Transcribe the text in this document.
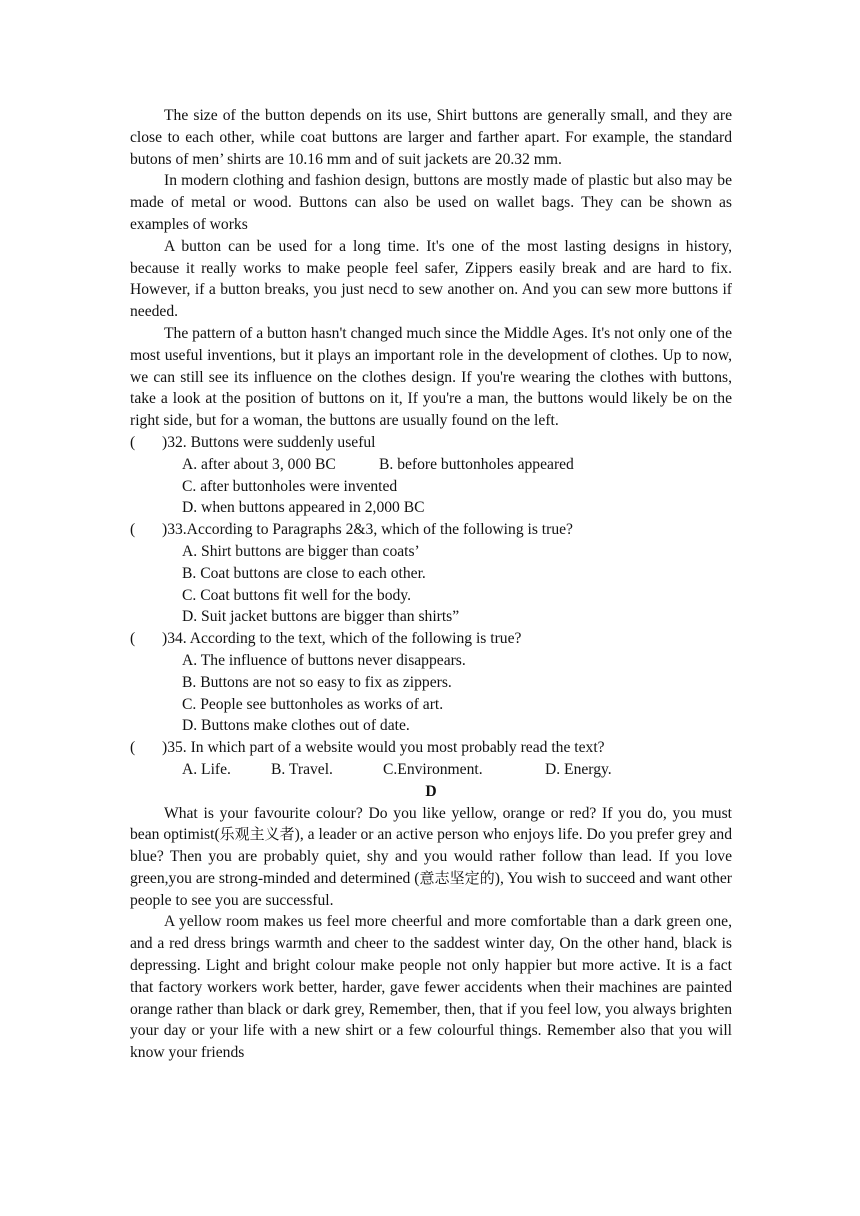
The size of the button depends on its use, Shirt buttons are generally small, and they are close to each other, while coat buttons are larger and farther apart. For example, the standard butons of men’ shirts are 10.16 mm and of suit jackets are 20.32 mm.

In modern clothing and fashion design, buttons are mostly made of plastic but also may be made of metal or wood. Buttons can also be used on wallet bags. They can be shown as examples of works

A button can be used for a long time. It's one of the most lasting designs in history, because it really works to make people feel safer, Zippers easily break and are hard to fix. However, if a button breaks, you just necd to sew another on. And you can sew more buttons if needed.

The pattern of a button hasn't changed much since the Middle Ages. It's not only one of the most useful inventions, but it plays an important role in the development of clothes. Up to now, we can still see its influence on the clothes design. If you're wearing the clothes with buttons, take a look at the position of buttons on it, If you're a man, the buttons would likely be on the right side, but for a woman, the buttons are usually found on the left.

( )32. Buttons were suddenly useful

A. after about 3, 000 BC	B. before buttonholes appeared

C. after buttonholes were invented

D. when buttons appeared in 2,000 BC

( )33.According to Paragraphs 2&3, which of the following is true?

A. Shirt buttons are bigger than coats’

B. Coat buttons are close to each other.

C. Coat buttons fit well for the body.

D. Suit jacket buttons are bigger than shirts”

( )34. According to the text, which of the following is true?

A. The influence of buttons never disappears.

B. Buttons are not so easy to fix as zippers.

C. People see buttonholes as works of art.

D. Buttons make clothes out of date.

( )35. In which part of a website would you most probably read the text?

A. Life.	B. Travel.	C.Environment.	D. Energy.

D

What is your favourite colour? Do you like yellow, orange or red? If you do, you must bean optimist(乐观主义者), a leader or an active person who enjoys life. Do you prefer grey and blue? Then you are probably quiet, shy and you would rather follow than lead. If you love green,you are strong-minded and determined (意志坚定的), You wish to succeed and want other people to see you are successful.

A yellow room makes us feel more cheerful and more comfortable than a dark green one, and a red dress brings warmth and cheer to the saddest winter day, On the other hand, black is depressing. Light and bright colour make people not only happier but more active. It is a fact that factory workers work better, harder, gave fewer accidents when their machines are painted orange rather than black or dark grey, Remember, then, that if you feel low, you always brighten your day or your life with a new shirt or a few colourful things. Remember also that you will know your friends
